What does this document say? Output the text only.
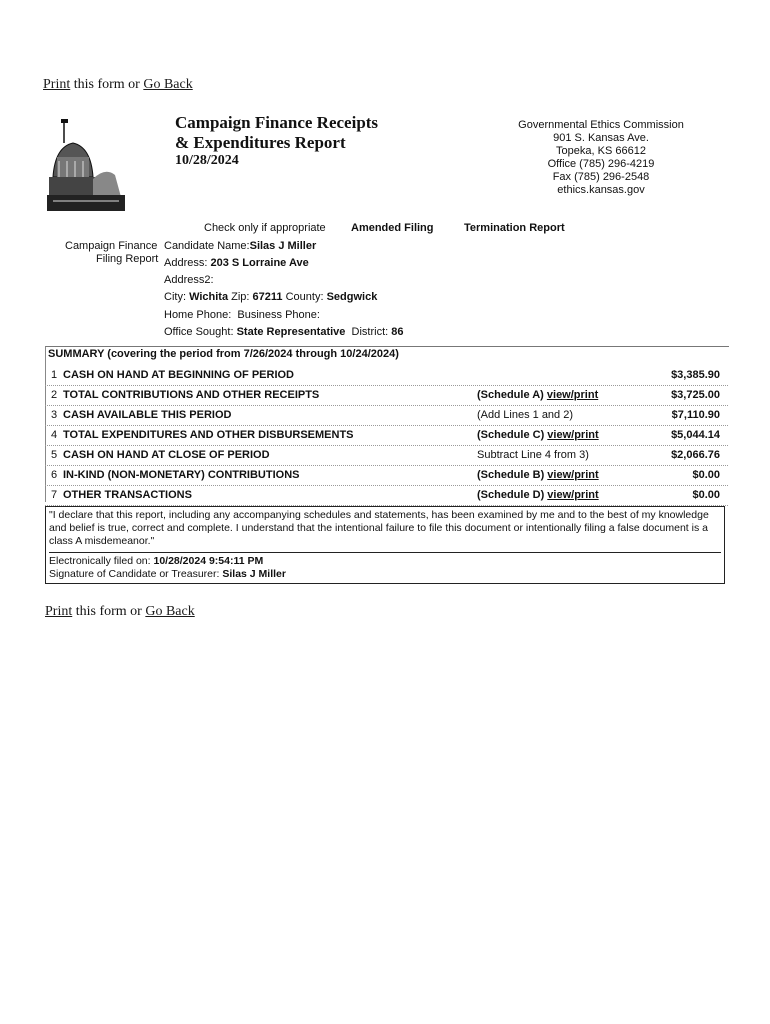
Print this form or Go Back
Campaign Finance Receipts
& Expenditures Report
10/28/2024
Governmental Ethics Commission
901 S. Kansas Ave.
Topeka, KS 66612
Office (785) 296-4219
Fax (785) 296-2548
ethics.kansas.gov
Check only if appropriate Amended Filing	Termination Report
Campaign Finance
Filing Report
Candidate Name:Silas J Miller
Address: 203 S Lorraine Ave
Address2:
City: Wichita Zip: 67211 County: Sedgwick
Home Phone: Business Phone:
Office Sought: State Representative District: 86
SUMMARY (covering the period from 7/26/2024 through 10/24/2024)
1 CASH ON HAND AT BEGINNING OF PERIOD	$3,385.90
2 TOTAL CONTRIBUTIONS AND OTHER RECEIPTS	(Schedule A) view/print	$3,725.00
3 CASH AVAILABLE THIS PERIOD	(Add Lines 1 and 2)	$7,110.90
4 TOTAL EXPENDITURES AND OTHER DISBURSEMENTS	(Schedule C) view/print	$5,044.14
5 CASH ON HAND AT CLOSE OF PERIOD	Subtract Line 4 from 3)	$2,066.76
6 IN-KIND (NON-MONETARY) CONTRIBUTIONS	(Schedule B) view/print	$0.00
7 OTHER TRANSACTIONS	(Schedule D) view/print	$0.00
"I declare that this report, including any accompanying schedules and statements, has been examined by me and to the best of my knowledge and belief is true, correct and complete. I understand that the intentional failure to file this document or intentionally filing a false document is a class A misdemeanor."
Electronically filed on: 10/28/2024 9:54:11 PM
Signature of Candidate or Treasurer: Silas J Miller
Print this form or Go Back
